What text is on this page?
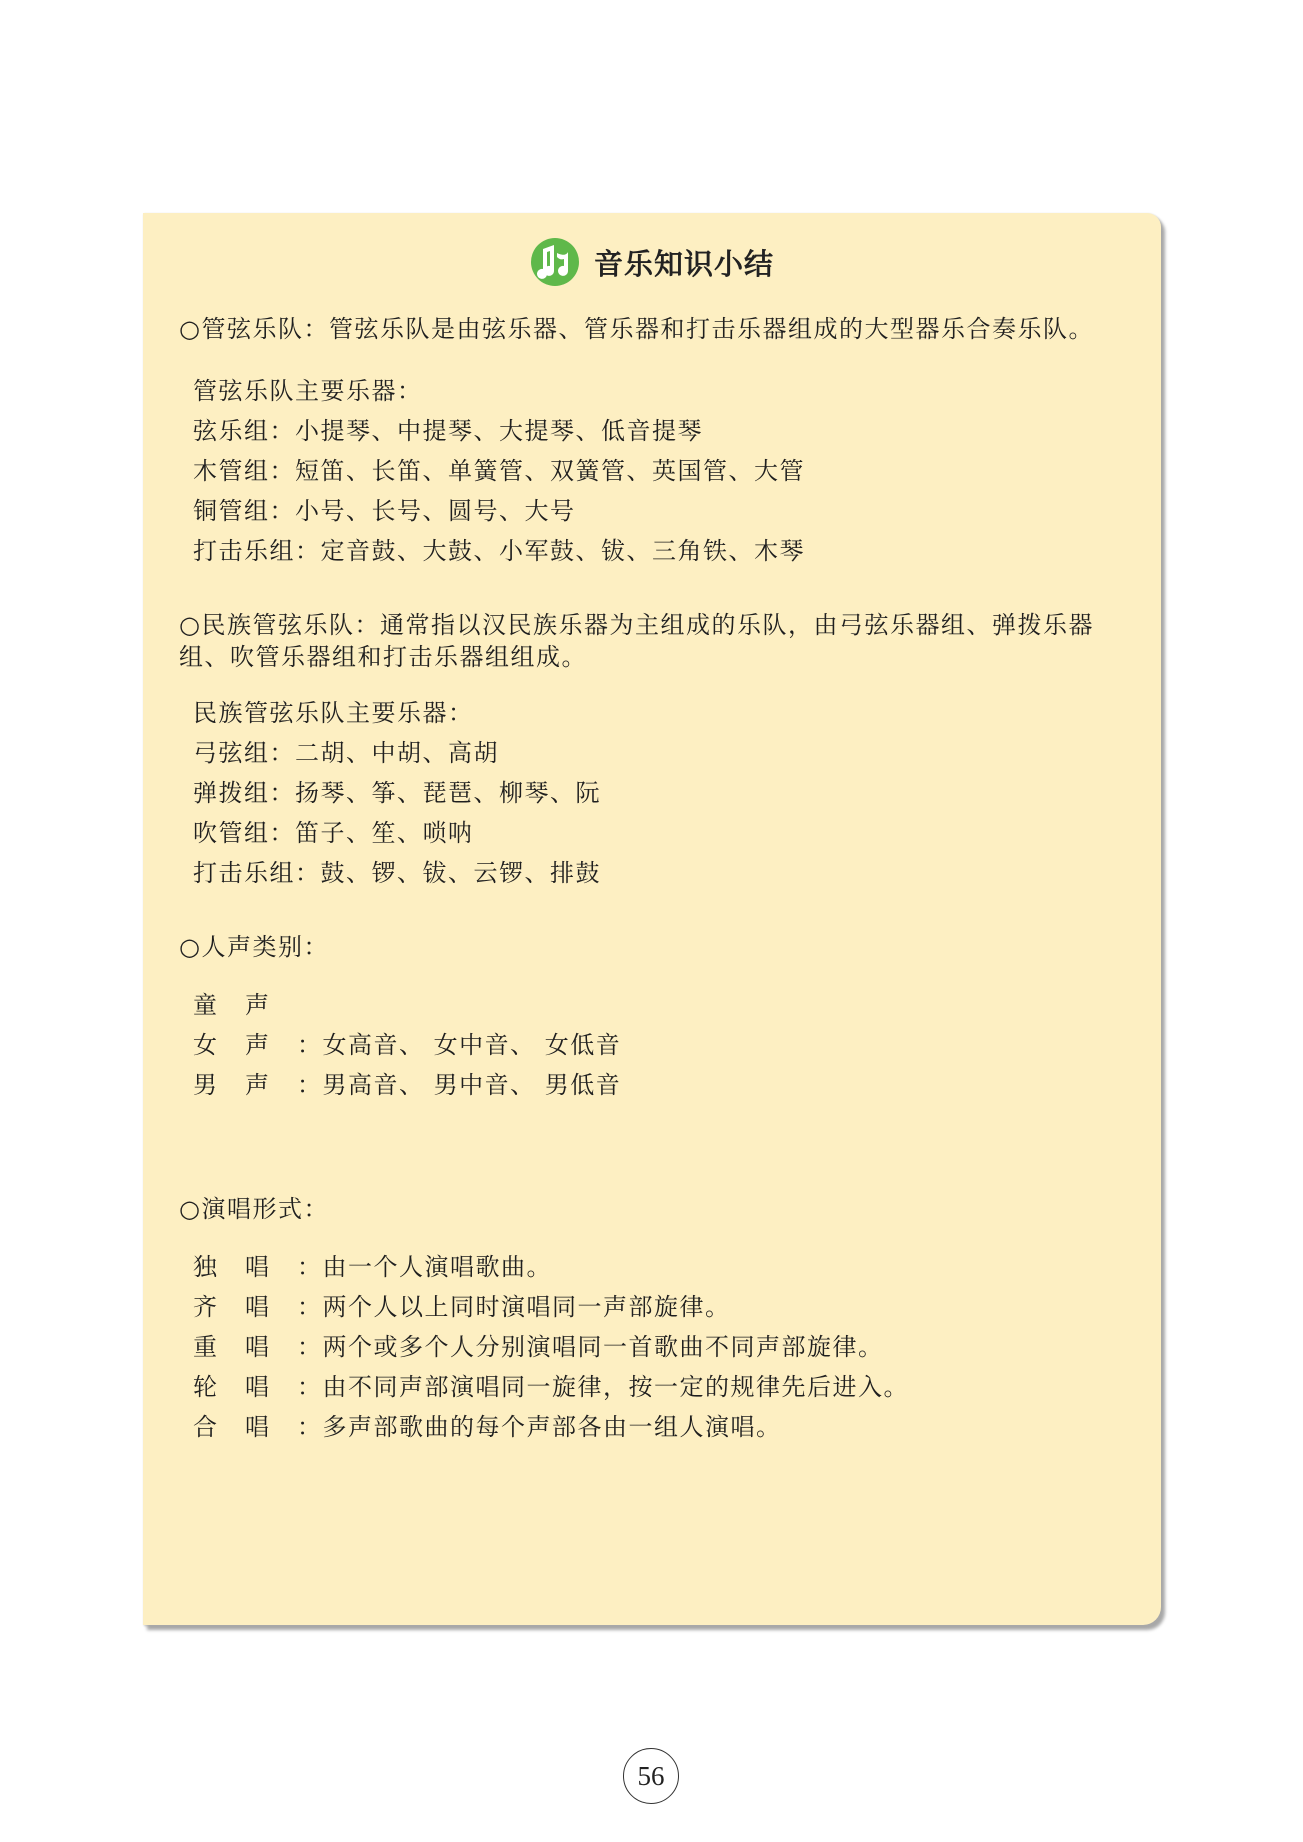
音乐知识小结

○管弦乐队：管弦乐队是由弦乐器、管乐器和打击乐器组成的大型器乐合奏乐队。

管弦乐队主要乐器：

弦乐组：小提琴、中提琴、大提琴、低音提琴

木管组：短笛、长笛、单簧管、双簧管、英国管、大管

铜管组：小号、长号、圆号、大号

打击乐组：定音鼓、大鼓、小军鼓、钹、三角铁、木琴

○民族管弦乐队：通常指以汉民族乐器为主组成的乐队，由弓弦乐器组、弹拨乐器组、吹管乐器组和打击乐器组组成。

民族管弦乐队主要乐器：

弓弦组：二胡、中胡、高胡

弹拨组：扬琴、筝、琵琶、柳琴、阮

吹管组：笛子、笙、唢呐

打击乐组：鼓、锣、钹、云锣、排鼓

○人声类别：

童声

女声：女高音、 女中音、 女低音

男声：男高音、 男中音、 男低音

○演唱形式：

独唱：由一个人演唱歌曲。

齐唱：两个人以上同时演唱同一声部旋律。

重唱：两个或多个人分别演唱同一首歌曲不同声部旋律。

轮唱：由不同声部演唱同一旋律，按一定的规律先后进入。

合唱：多声部歌曲的每个声部各由一组人演唱。

56
